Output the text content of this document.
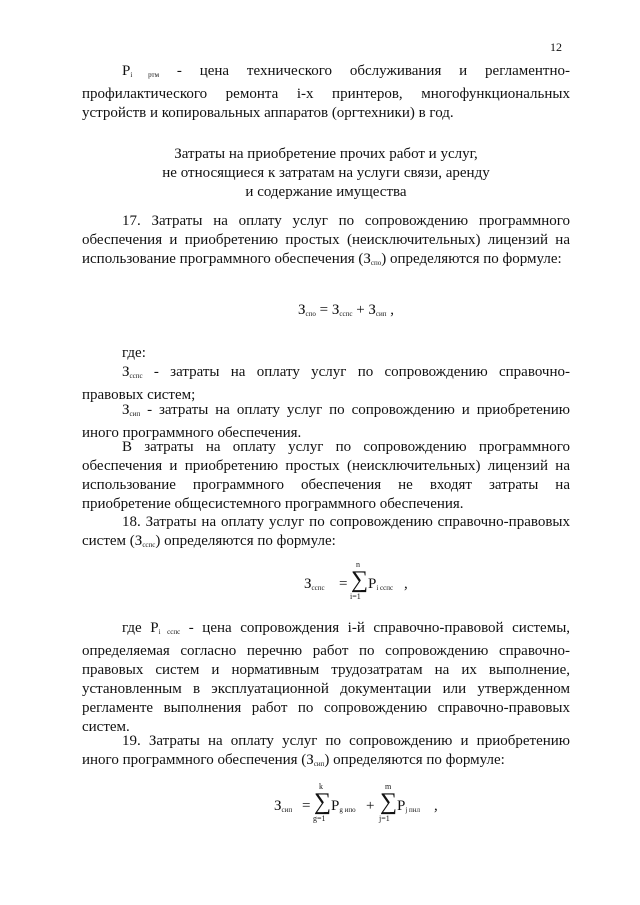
12
$P_{i ртм}$ - цена технического обслуживания и регламентно-профилактического ремонта i-х принтеров, многофункциональных устройств и копировальных аппаратов (оргтехники) в год.
Затраты на приобретение прочих работ и услуг,
не относящиеся к затратам на услуги связи, аренду
и содержание имущества
17. Затраты на оплату услуг по сопровождению программного обеспечения и приобретению простых (неисключительных) лицензий на использование программного обеспечения $(З_{спо})$ определяются по формуле:
$З_{спо} = З_{сспс} + З_{сип}$ ,
где:
$З_{сспс}$ - затраты на оплату услуг по сопровождению справочно-правовых систем;
$З_{сип}$ - затраты на оплату услуг по сопровождению и приобретению иного программного обеспечения.
В затраты на оплату услуг по сопровождению программного обеспечения и приобретению простых (неисключительных) лицензий на использование программного обеспечения не входят затраты на приобретение общесистемного программного обеспечения.
18. Затраты на оплату услуг по сопровождению справочно-правовых систем $(З_{сспс})$ определяются по формуле:
$З_{сспс}$ =
n
∑
i=1
$P_{i сспс}$ ,
где $P_{i сспс}$ - цена сопровождения i-й справочно-правовой системы, определяемая согласно перечню работ по сопровождению справочно-правовых систем и нормативным трудозатратам на их выполнение, установленным в эксплуатационной документации или утвержденном регламенте выполнения работ по сопровождению справочно-правовых систем.
19. Затраты на оплату услуг по сопровождению и приобретению иного программного обеспечения $(З_{сип})$ определяются по формуле:
$З_{сип}$ =
k
∑
g=1
$P_{g ипо}$ +
m
∑
j=1
$P_{j пнл}$ ,
